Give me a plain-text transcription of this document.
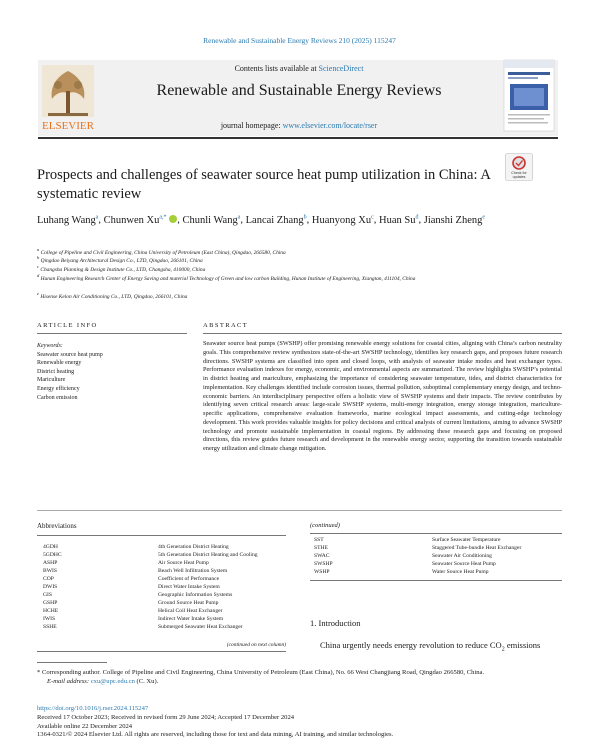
Renewable and Sustainable Energy Reviews 210 (2025) 115247
ELSEVIER
Contents lists available at ScienceDirect
Renewable and Sustainable Energy Reviews
journal homepage: www.elsevier.com/locate/rser
Prospects and challenges of seawater source heat pump utilization in China: A systematic review
Check for
updates
Luhang Wang$^a$, Chunwen $Xu^{a,*}$ , Chunli Wang$^a$, Lancai Zhang$^b$, Huanyong Xu$^c$, Huan Su$^d$, Jianshi Zheng$^e$
$^a$ College of Pipeline and Civil Engineering, China University of Petroleum (East China), Qingdao, 266580, China
$^b$ Qingdao Beiyang Architectural Design Co., LTD, Qingdao, 266101, China
$^c$ Changsha Planning & Design Institute Co., LTD, Changsha, 410000, China
$^d$ Hunan Engineering Research Center of Energy Saving and material Technology of Green and low carbon Building, Hunan Institute of Engineering, Xiangtan, 411104, China
$^e$ Hisense Kelon Air Conditioning Co., LTD, Qingdao, 266101, China
ARTICLE INFO	ABSTRACT
Keywords:
Seawater source heat pump
Renewable energy
District heating
Mariculture
Energy efficiency
Carbon emission
Seawater source heat pumps (SWSHP) offer promising renewable energy solutions for coastal cities, aligning with China’s carbon neutrality goals. This comprehensive review synthesizes state-of-the-art SWSHP technology, identifies key research gaps, and proposes future research directions. SWSHP systems are classified into open and closed loops, with analysis of seawater intake modes and heat exchanger types. Performance evaluation indexes for energy, economic, and environmental aspects are summarized. The review highlights SWSHP’s potential in district heating and mariculture, emphasizing the importance of considering seawater temperature, tides, and district characteristics for implementation. Key challenges identified include corrosion issues, thermal pollution, suboptimal complementary energy design, and techno-economic barriers. An interdisciplinary perspective offers a holistic view of SWSHP systems and their impacts. The review contributes by identifying seven critical research areas: large-scale SWSHP systems, multi-energy integration, energy storage integration, mariculture-specific applications, comprehensive evaluation frameworks, marine ecological impact assessments, and cutting-edge technology development. This work provides valuable insights for policy decisions and critical analysis of current limitations, aiming to advance SWSHP technology and promote sustainable implementation in coastal regions. By addressing these research gaps and focusing on proposed directions, this review guides future research and development in the renewable energy sector, supporting the transition towards sustainable energy utilization and climate change mitigation.
Abbreviations
4GDH	4th Generation District Heating
5GDHC	5th Generation District Heating and Cooling
ASHP	Air Source Heat Pump
BWIS	Beach Well Infiltration System
COP	Coefficient of Performance
DWIS	Direct Water Intake System
GIS	Geographic Information Systems
GSHP	Ground Source Heat Pump
HCHE	Helical Coil Heat Exchanger
IWIS	Indirect Water Intake System
SSHE	Submerged Seawater Heat Exchanger
(continued on next column)
(continued)
SST	Surface Seawater Temperature
STHE	Staggered Tube-bundle Heat Exchanger
SWAC	Seawater Air Conditioning
SWSHP	Seawater Source Heat Pump
WSHP	Water Source Heat Pump
1. Introduction
China urgently needs energy revolution to reduce $CO_2$ emissions
* Corresponding author. College of Pipeline and Civil Engineering, China University of Petroleum (East China), No. 66 West Changjiang Road, Qingdao 266580, China.
E-mail address: cxu@upc.edu.cn (C. Xu).
https://doi.org/10.1016/j.rser.2024.115247
Received 17 October 2023; Received in revised form 29 June 2024; Accepted 17 December 2024
Available online 22 December 2024
1364-0321/© 2024 Elsevier Ltd. All rights are reserved, including those for text and data mining, AI training, and similar technologies.
